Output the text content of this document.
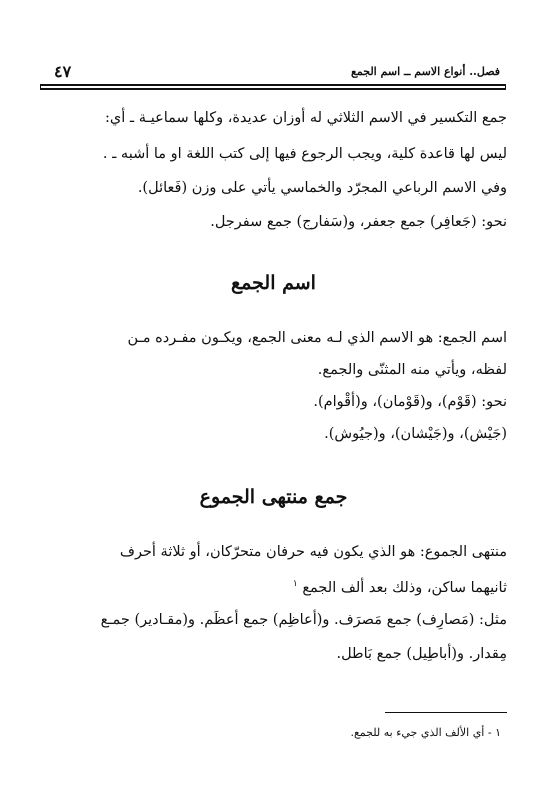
فصل.. أنواع الاسم ــ اسم الجمع
٤٧
جمع التكسير في الاسم الثلاثي له أوزان عديدة، وكلها سماعيـة ـ أي:
ليس لها قاعدة كلية، ويجب الرجوع فيها إلى كتب اللغة او ما أشبه ـ .
وفي الاسم الرباعي المجرّد والخماسي يأتي على وزن (فَعائل).
نحو: (جَعافِر) جمع جعفر، و(سَفارج) جمع سفرجل.
اسم الجمع
اسم الجمع: هو الاسم الذي لـه معنى الجمع، ويكـون مفـرده مـن
لفظه، ويأتي منه المثنّى والجمع.
نحو: (قَوْم)، و(قَوْمان)، و(أقْوام).
(جَيْش)، و(جَيْشان)، و(جيُوش).
جمع منتهى الجموع
منتهى الجموع: هو الذي يكون فيه حرفان متحرّكان، أو ثلاثة أحرف
ثانيهما ساكن، وذلك بعد ألف الجمع $^١$
مثل: (مَصارِف) جمع مَصرَف. و(أعاظِم) جمع أعظَم. و(مقـادير) جمـع
مِقدار. و(أباطِيل) جمع بَاطل.
١ - أي الألف الذي جيء به للجمع.
